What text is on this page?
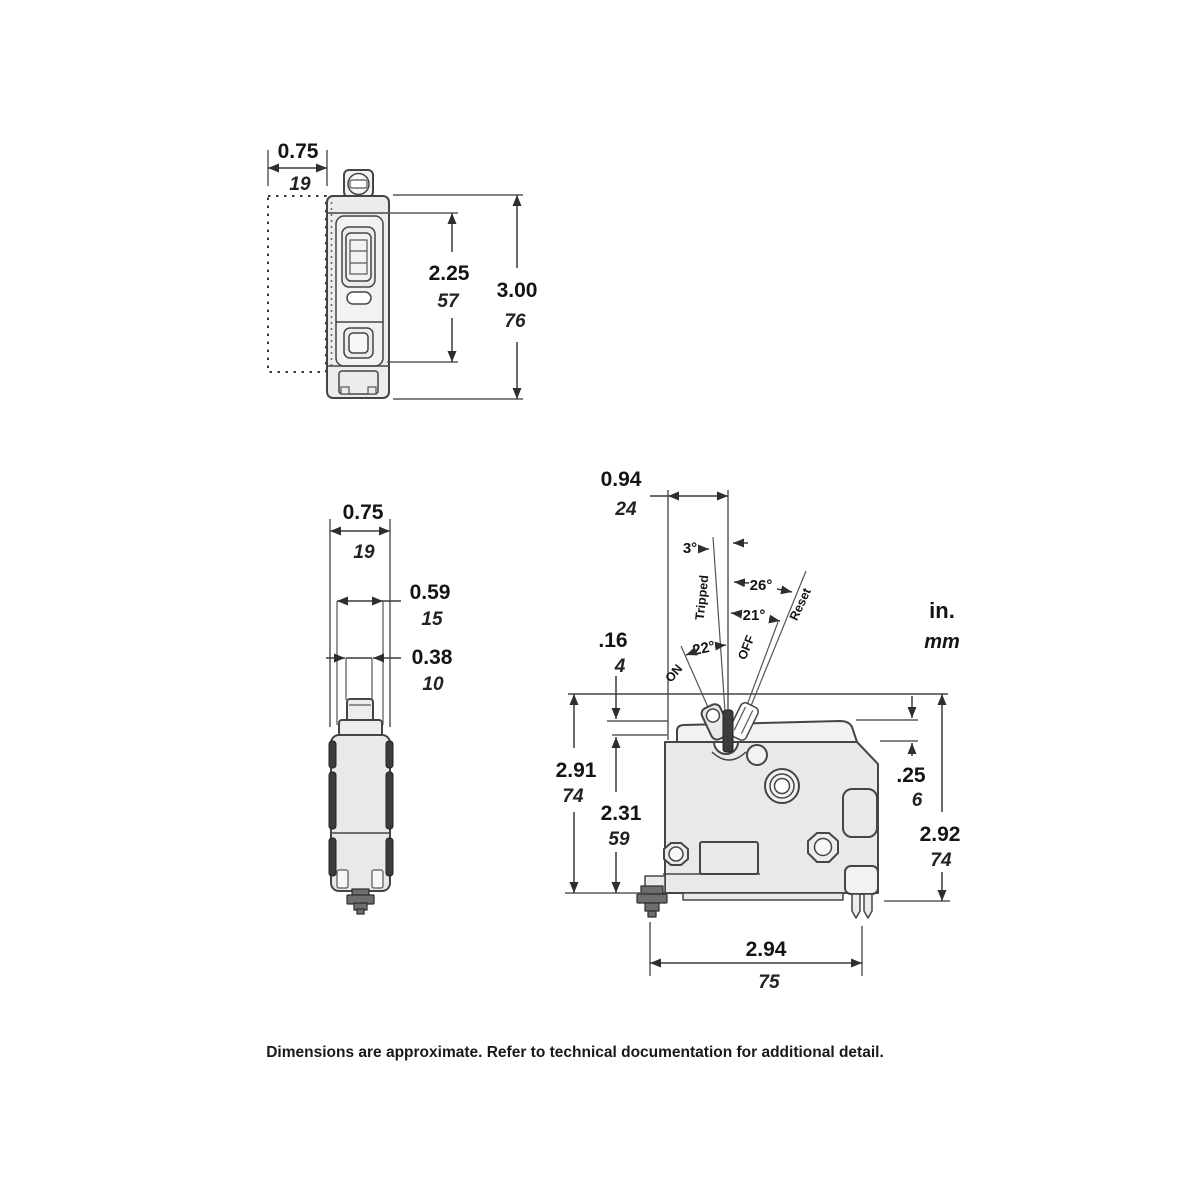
0.75
19
2.25
57 3.00
76
0.75
19
0.59
15
0.38
10
3°
26°
21°
22°
Tripped	Reset
OFF
ON
0.94
24
.16
4
2.91
74
2.31
59
.25
6
2.92
74
2.94
75
in.
mm
Dimensions are approximate. Refer to technical documentation for additional detail.
